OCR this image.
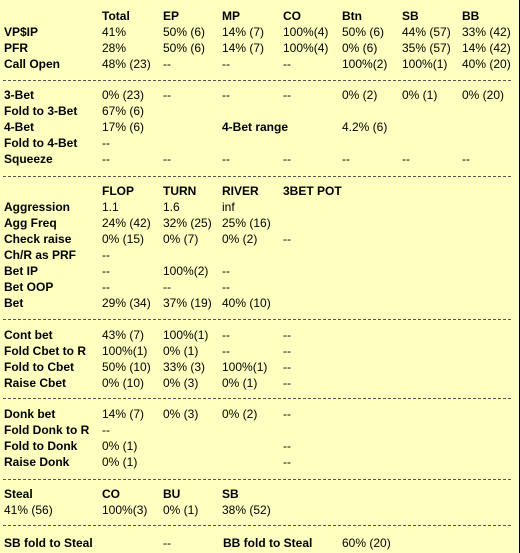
Total	EP	MP	CO	Btn	SB	BB
VP$IP	41%	50% (6) 14% (7) 100%(4) 50% (6) 44% (57) 33% (42)
PFR	28%	50% (6) 14% (7) 100%(4) 0% (6) 35% (57) 14% (42)
Call Open	48% (23) --	--	--	100%(2) 100%(1) 40% (20)
3-Bet	0% (23) --	--	--	0% (2) 0% (1) 0% (20)
Fold to 3-Bet 67% (6)
4-Bet	17% (6)	4-Bet range	4.2% (6)
Fold to 4-Bet --
Squeeze	--	--	--	--	--	--	--
FLOP TURN RIVER 3BET POT
Aggression	1.1	1.6	inf
Agg Freq	24% (42) 32% (25) 25% (16)
Check raise	0% (15) 0% (7) 0% (2) --
Ch/R as PRF --
Bet IP	--	100%(2) --
Bet OOP	--	--	--
Bet	29% (34) 37% (19) 40% (10)
Cont bet	43% (7) 100%(1) --	--
Fold Cbet to R 100%(1) 0% (1) --	--
Fold to Cbet 50% (10) 33% (3) 100%(1) --
Raise Cbet	0% (10) 0% (3) 0% (1) --
Donk bet	14% (7) 0% (3) 0% (2) --
Fold Donk to R --
Fold to Donk 0% (1)	--
Raise Donk	0% (1)	--
Steal	CO	BU	SB
41% (56)	100%(3) 0% (1) 38% (52)
SB fold to Steal	--	BB fold to Steal 60% (20)
